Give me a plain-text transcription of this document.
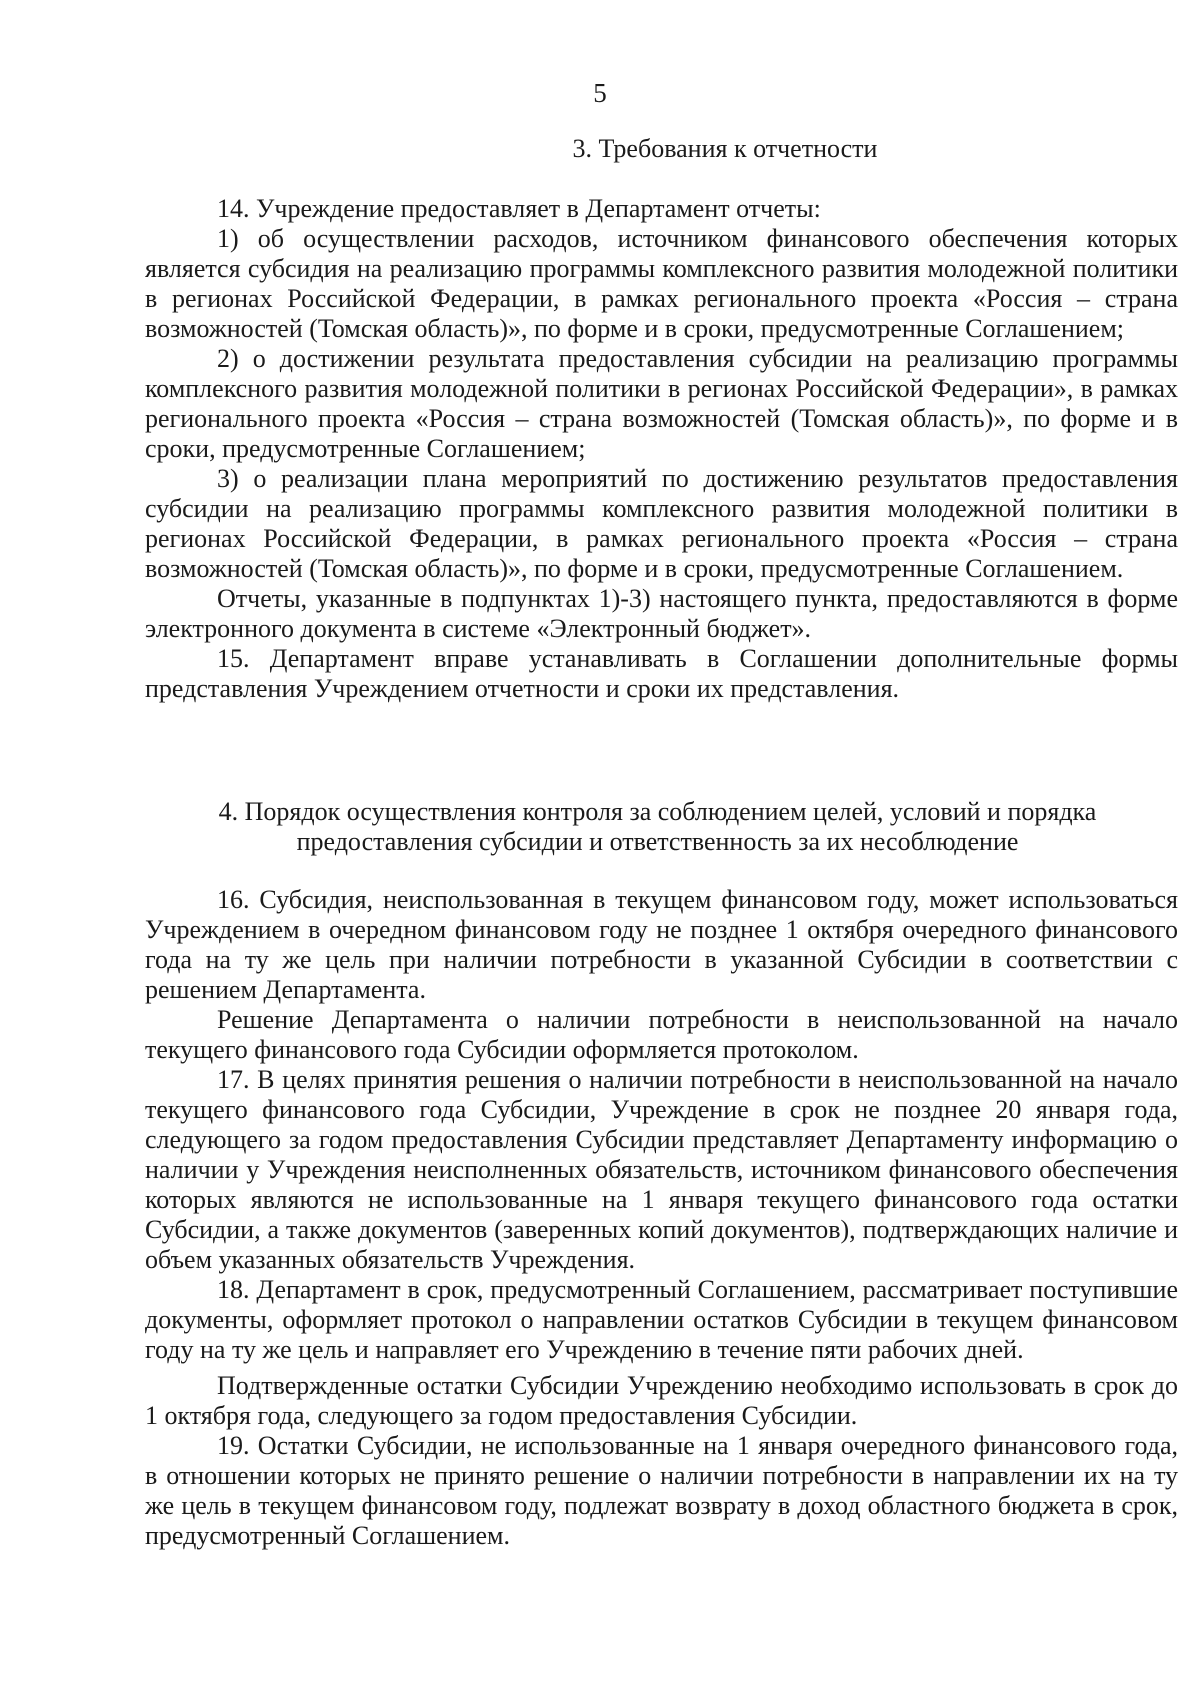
5
3. Требования к отчетности

14. Учреждение предоставляет в Департамент отчеты:

1) об осуществлении расходов, источником финансового обеспечения которых является субсидия на реализацию программы комплексного развития молодежной политики в регионах Российской Федерации, в рамках регионального проекта «Россия – страна возможностей (Томская область)», по форме и в сроки, предусмотренные Соглашением;

2) о достижении результата предоставления субсидии на реализацию программы комплексного развития молодежной политики в регионах Российской Федерации», в рамках регионального проекта «Россия – страна возможностей (Томская область)», по форме и в сроки, предусмотренные Соглашением;

3) о реализации плана мероприятий по достижению результатов предоставления субсидии на реализацию программы комплексного развития молодежной политики в регионах Российской Федерации, в рамках регионального проекта «Россия – страна возможностей (Томская область)», по форме и в сроки, предусмотренные Соглашением.

Отчеты, указанные в подпунктах 1)-3) настоящего пункта, предоставляются в форме электронного документа в системе «Электронный бюджет».

15. Департамент вправе устанавливать в Соглашении дополнительные формы представления Учреждением отчетности и сроки их представления.

4. Порядок осуществления контроля за соблюдением целей, условий и порядка
предоставления субсидии и ответственность за их несоблюдение

16. Субсидия, неиспользованная в текущем финансовом году, может использоваться Учреждением в очередном финансовом году не позднее 1 октября очередного финансового года на ту же цель при наличии потребности в указанной Субсидии в соответствии с решением Департамента.

Решение Департамента о наличии потребности в неиспользованной на начало текущего финансового года Субсидии оформляется протоколом.

17. В целях принятия решения о наличии потребности в неиспользованной на начало текущего финансового года Субсидии, Учреждение в срок не позднее 20 января года, следующего за годом предоставления Субсидии представляет Департаменту информацию о наличии у Учреждения неисполненных обязательств, источником финансового обеспечения которых являются не использованные на 1 января текущего финансового года остатки Субсидии, а также документов (заверенных копий документов), подтверждающих наличие и объем указанных обязательств Учреждения.

18. Департамент в срок, предусмотренный Соглашением, рассматривает поступившие документы, оформляет протокол о направлении остатков Субсидии в текущем финансовом году на ту же цель и направляет его Учреждению в течение пяти рабочих дней.

Подтвержденные остатки Субсидии Учреждению необходимо использовать в срок до 1 октября года, следующего за годом предоставления Субсидии.

19. Остатки Субсидии, не использованные на 1 января очередного финансового года, в отношении которых не принято решение о наличии потребности в направлении их на ту же цель в текущем финансовом году, подлежат возврату в доход областного бюджета в срок, предусмотренный Соглашением.
